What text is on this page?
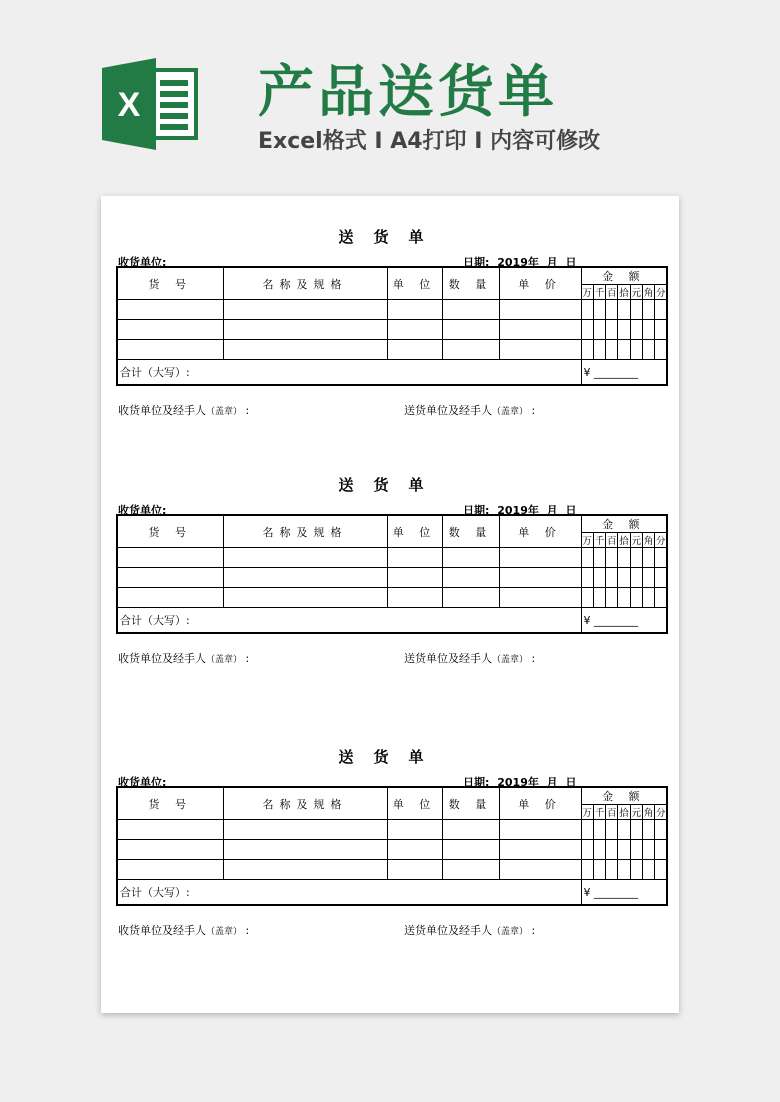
X 产品送货单
Excel格式 I A4打印 I 内容可修改
送货单
收货单位:	日期: 2019年 月 日
货 号	名称及规格	单 位	数 量	单 价	金 额						
					万	千	百	拾	元	角	分

合计（大写）:					¥ ________						
收货单位及经手人（盖章） :	送货单位及经手人（盖章） :
送货单
收货单位:	日期: 2019年 月 日
货 号	名称及规格	单 位	数 量	单 价	金 额						
					万	千	百	拾	元	角	分

合计（大写）:					¥ ________						
收货单位及经手人（盖章） :	送货单位及经手人（盖章） :
送货单
收货单位:	日期: 2019年 月 日
货 号	名称及规格	单 位	数 量	单 价	金 额						
					万	千	百	拾	元	角	分

合计（大写）:					¥ ________						
收货单位及经手人（盖章） :	送货单位及经手人（盖章） :
